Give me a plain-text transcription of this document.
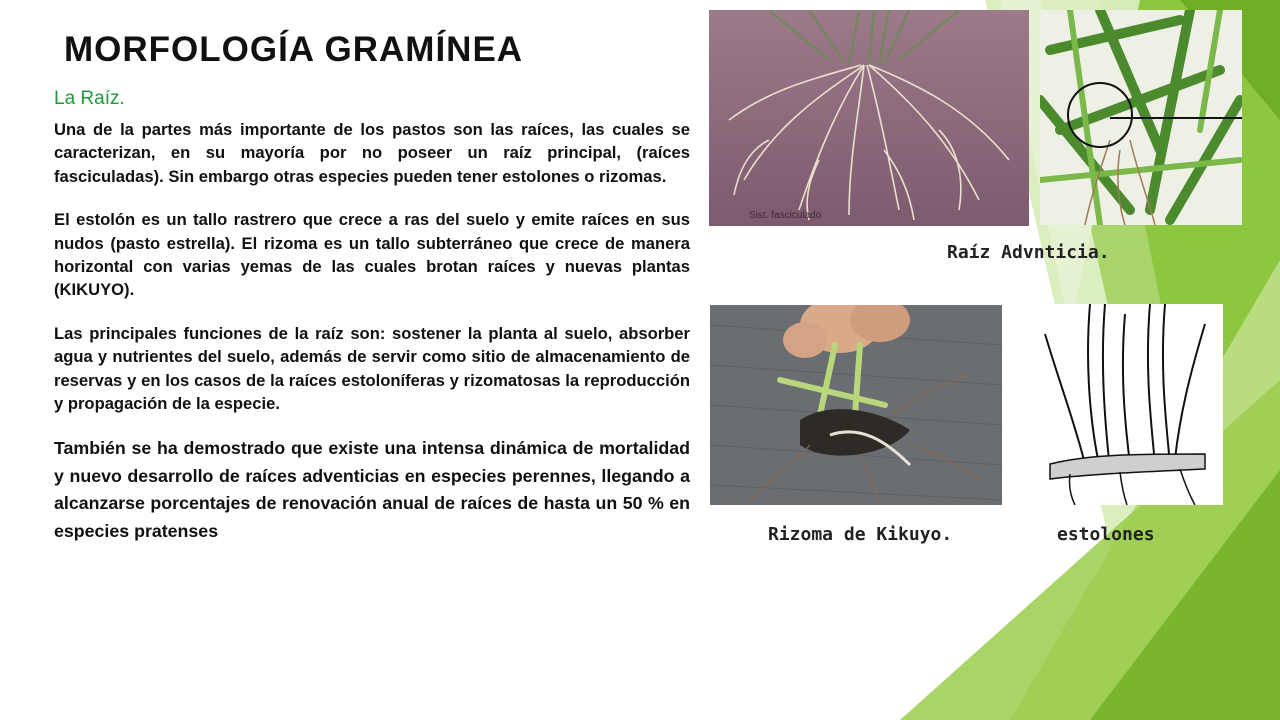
MORFOLOGÍA GRAMÍNEA
La Raíz.

Una de la partes más importante de los pastos son las raíces, las cuales se caracterizan, en su mayoría por no poseer un raíz principal, (raíces fasciculadas). Sin embargo otras especies pueden tener estolones o rizomas.

El estolón es un tallo rastrero que crece a ras del suelo y emite raíces en sus nudos (pasto estrella). El rizoma es un tallo subterráneo que crece de manera horizontal con varias yemas de las cuales brotan raíces y nuevas plantas (KIKUYO).

Las principales funciones de la raíz son: sostener la planta al suelo, absorber agua y nutrientes del suelo, además de servir como sitio de almacenamiento de reservas y en los casos de la raíces estoloníferas y rizomatosas la reproducción y propagación de la especie.

También se ha demostrado que existe una intensa dinámica de mortalidad y nuevo desarrollo de raíces adventicias en especies perennes, llegando a alcanzarse porcentajes de renovación anual de raíces de hasta un 50 % en especies pratenses

Sist. fasciculado

Raíz Advnticia.

Rizoma de Kikuyo.	estolones
